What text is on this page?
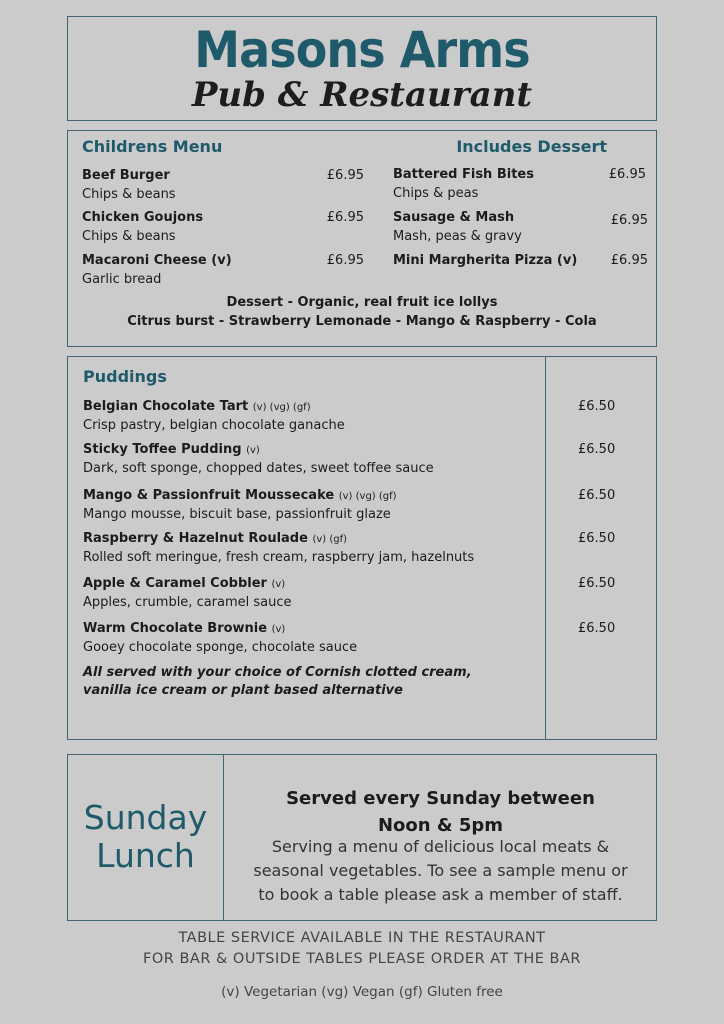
Masons Arms
Pub & Restaurant
Childrens Menu	Includes Dessert
Beef Burger
Chips & beans
£6.95
Chicken Goujons
Chips & beans
£6.95
Macaroni Cheese (v)
Garlic bread
£6.95
Battered Fish Bites
Chips & peas
£6.95
Sausage & Mash
Mash, peas & gravy
£6.95
Mini Margherita Pizza (v)	£6.95
Dessert - Organic, real fruit ice lollys
Citrus burst - Strawberry Lemonade - Mango & Raspberry - Cola
Puddings
Belgian Chocolate Tart (v) (vg) (gf)
Crisp pastry, belgian chocolate ganache
£6.50
Sticky Toffee Pudding (v)
Dark, soft sponge, chopped dates, sweet toffee sauce
£6.50
Mango & Passionfruit Moussecake (v) (vg) (gf)
Mango mousse, biscuit base, passionfruit glaze
£6.50
Raspberry & Hazelnut Roulade (v) (gf)
Rolled soft meringue, fresh cream, raspberry jam, hazelnuts
£6.50
Apple & Caramel Cobbler (v)
Apples, crumble, caramel sauce
£6.50
Warm Chocolate Brownie (v)
Gooey chocolate sponge, chocolate sauce
£6.50
All served with your choice of Cornish clotted cream,
vanilla ice cream or plant based alternative
Sunday
Lunch
Served every Sunday between
Noon & 5pm
Serving a menu of delicious local meats &
seasonal vegetables. To see a sample menu or
to book a table please ask a member of staff.
TABLE SERVICE AVAILABLE IN THE RESTAURANT
FOR BAR & OUTSIDE TABLES PLEASE ORDER AT THE BAR
(v) Vegetarian (vg) Vegan (gf) Gluten free
